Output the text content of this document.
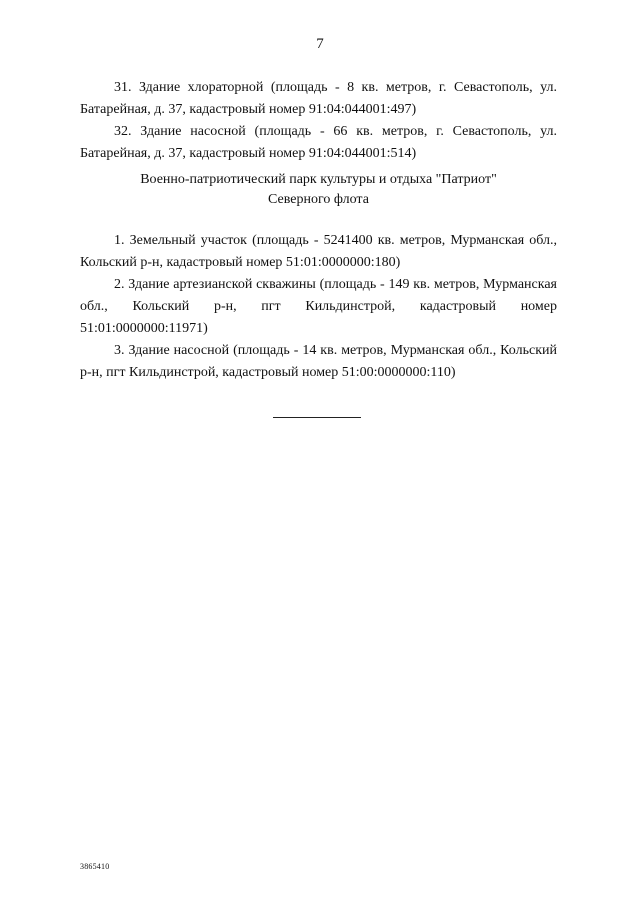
7

31. Здание хлораторной (площадь - 8 кв. метров, г. Севастополь, ул. Батарейная, д. 37, кадастровый номер 91:04:044001:497)

32. Здание насосной (площадь - 66 кв. метров, г. Севастополь, ул. Батарейная, д. 37, кадастровый номер 91:04:044001:514)

Военно-патриотический парк культуры и отдыха "Патриот"
Северного флота

1. Земельный участок (площадь - 5241400 кв. метров, Мурманская обл., Кольский р-н, кадастровый номер 51:01:0000000:180)

2. Здание артезианской скважины (площадь - 149 кв. метров, Мурманская обл., Кольский р-н, пгт Кильдинстрой, кадастровый номер 51:01:0000000:11971)

3. Здание насосной (площадь - 14 кв. метров, Мурманская обл., Кольский р-н, пгт Кильдинстрой, кадастровый номер 51:00:0000000:110)

3865410
